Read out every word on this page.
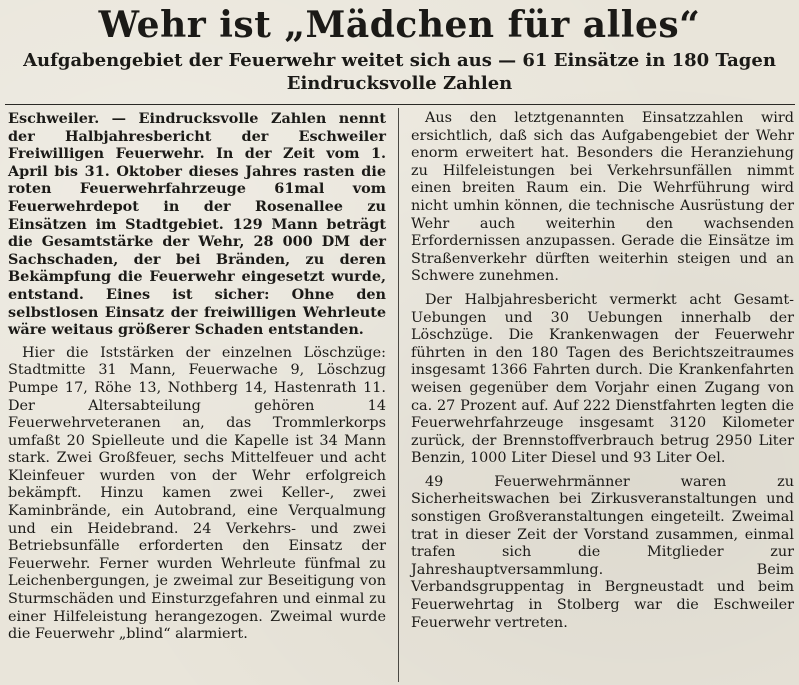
Wehr ist „Mädchen für alles“
Aufgabengebiet der Feuerwehr weitet sich aus — 61 Einsätze in 180 Tagen
Eindrucksvolle Zahlen

Eschweiler. — Eindrucksvolle Zahlen nennt der Halbjahresbericht der Eschweiler Freiwilligen Feuerwehr. In der Zeit vom 1. April bis 31. Oktober dieses Jahres rasten die roten Feuerwehrfahrzeuge 61mal vom Feuerwehrdepot in der Rosenallee zu Einsätzen im Stadtgebiet. 129 Mann beträgt die Gesamtstärke der Wehr, 28 000 DM der Sachschaden, der bei Bränden, zu deren Bekämpfung die Feuerwehr eingesetzt wurde, entstand. Eines ist sicher: Ohne den selbstlosen Einsatz der freiwilligen Wehrleute wäre weitaus größerer Schaden entstanden.

Hier die Iststärken der einzelnen Löschzüge: Stadtmitte 31 Mann, Feuerwache 9, Löschzug Pumpe 17, Röhe 13, Nothberg 14, Hastenrath 11. Der Altersabteilung gehören 14 Feuerwehrveteranen an, das Trommlerkorps umfaßt 20 Spielleute und die Kapelle ist 34 Mann stark. Zwei Großfeuer, sechs Mittelfeuer und acht Kleinfeuer wurden von der Wehr erfolgreich bekämpft. Hinzu kamen zwei Keller-, zwei Kaminbrände, ein Autobrand, eine Verqualmung und ein Heidebrand. 24 Verkehrs- und zwei Betriebsunfälle erforderten den Einsatz der Feuerwehr. Ferner wurden Wehrleute fünfmal zu Leichenbergungen, je zweimal zur Beseitigung von Sturmschäden und Einsturzgefahren und einmal zu einer Hilfeleistung herangezogen. Zweimal wurde die Feuerwehr „blind“ alarmiert.

Aus den letztgenannten Einsatzzahlen wird ersichtlich, daß sich das Aufgabengebiet der Wehr enorm erweitert hat. Besonders die Heranziehung zu Hilfeleistungen bei Verkehrsunfällen nimmt einen breiten Raum ein. Die Wehrführung wird nicht umhin können, die technische Ausrüstung der Wehr auch weiterhin den wachsenden Erfordernissen anzupassen. Gerade die Einsätze im Straßenverkehr dürften weiterhin steigen und an Schwere zunehmen.

Der Halbjahresbericht vermerkt acht Gesamt-Uebungen und 30 Uebungen innerhalb der Löschzüge. Die Krankenwagen der Feuerwehr führten in den 180 Tagen des Berichtszeitraumes insgesamt 1366 Fahrten durch. Die Krankenfahrten weisen gegenüber dem Vorjahr einen Zugang von ca. 27 Prozent auf. Auf 222 Dienstfahrten legten die Feuerwehrfahrzeuge insgesamt 3120 Kilometer zurück, der Brennstoffverbrauch betrug 2950 Liter Benzin, 1000 Liter Diesel und 93 Liter Oel.

49 Feuerwehrmänner waren zu Sicherheitswachen bei Zirkusveranstaltungen und sonstigen Großveranstaltungen eingeteilt. Zweimal trat in dieser Zeit der Vorstand zusammen, einmal trafen sich die Mitglieder zur Jahreshauptversammlung. Beim Verbandsgruppentag in Bergneustadt und beim Feuerwehrtag in Stolberg war die Eschweiler Feuerwehr vertreten.
